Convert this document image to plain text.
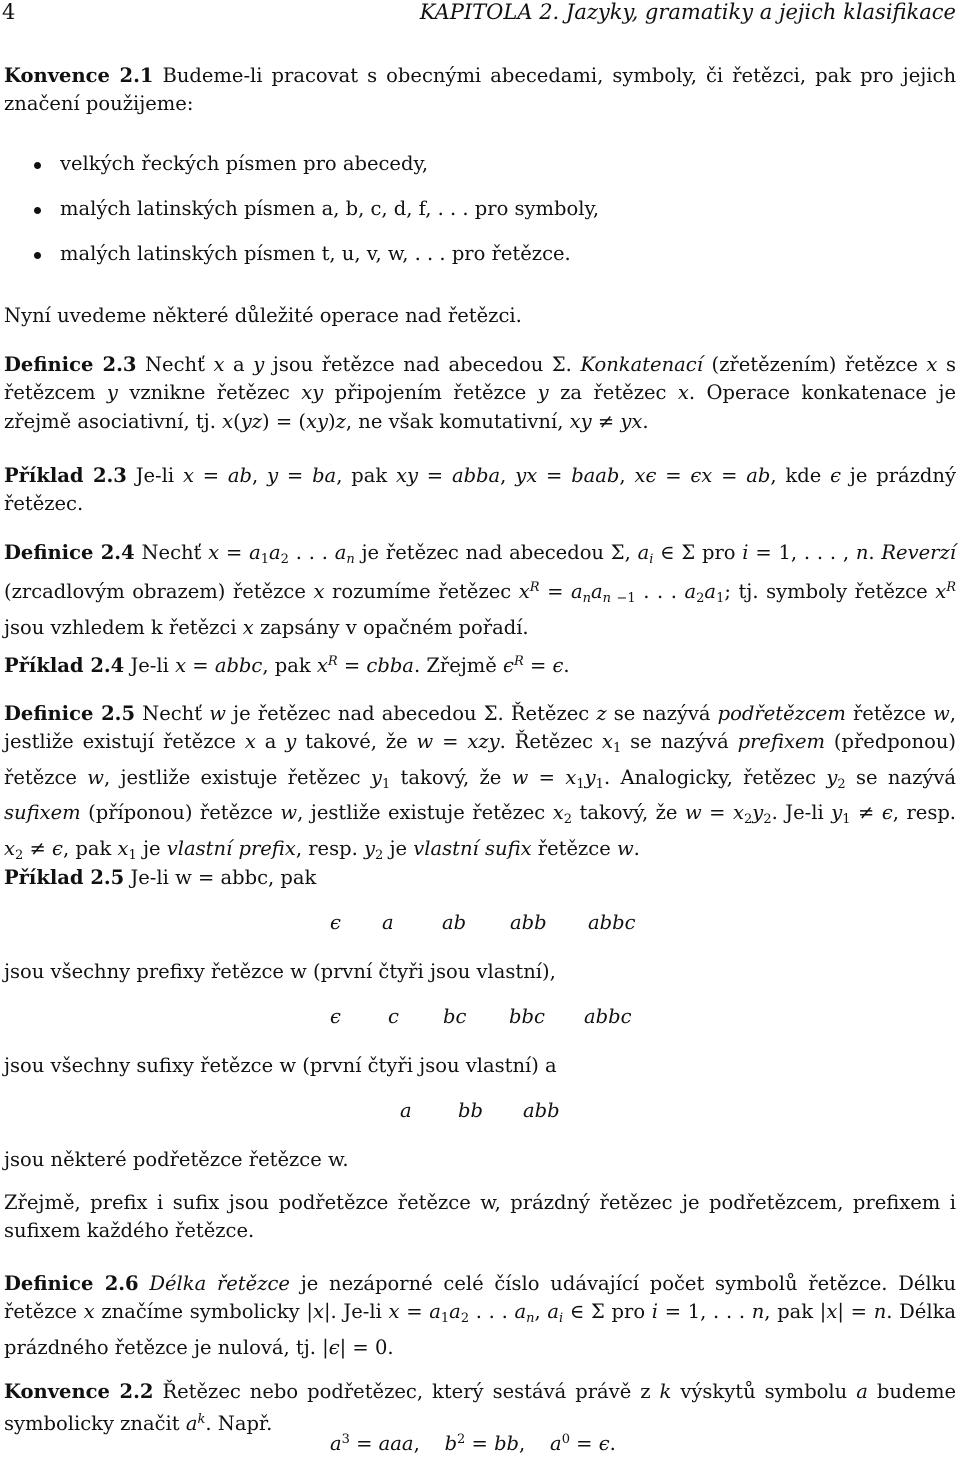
4	KAPITOLA 2. Jazyky, gramatiky a jejich klasifikace
Konvence 2.1 Budeme-li pracovat s obecnými abecedami, symboly, či řetězci, pak pro jejich značení použijeme:
velkých řeckých písmen pro abecedy,
malých latinských písmen a, b, c, d, f, . . . pro symboly,
malých latinských písmen t, u, v, w, . . . pro řetězce.
Nyní uvedeme některé důležité operace nad řetězci.
Definice 2.3 Nechť x a y jsou řetězce nad abecedou Σ. Konkatenací (zřetězením) řetězce x s řetězcem y vznikne řetězec xy připojením řetězce y za řetězec x. Operace konkatenace je zřejmě asociativní, tj. x(yz) = (xy)z, ne však komutativní, xy ≠ yx.
Příklad 2.3 Je-li x = ab, y = ba, pak xy = abba, yx = baab, xϵ = ϵx = ab, kde ϵ je prázdný řetězec.
Definice 2.4 Nechť $x = a_1a_2$ . . . $a_n$ je řetězec nad abecedou Σ, $a_i$ ∈ Σ pro i = 1, . . . , n. Reverzí (zrcadlovým obrazem) řetězce x rozumíme řetězec $x^R = a_na_{n -1}$ . . . $a_2a_1$; tj. symboly řetězce $x^R$ jsou vzhledem k řetězci x zapsány v opačném pořadí.
Příklad 2.4 Je-li x = abbc, pak $x^R$ = cbba. Zřejmě $\epsilon^R = \epsilon$.
Definice 2.5 Nechť w je řetězec nad abecedou Σ. Řetězec z se nazývá podřetězcem řetězce w, jestliže existují řetězce x a y takové, že w = xzy. Řetězec $x_1$ se nazývá prefixem (předponou) řetězce w, jestliže existuje řetězec $y_1$ takový, že $w = x_1y_1$. Analogicky, řetězec $y_2$ se nazývá sufixem (příponou) řetězce w, jestliže existuje řetězec $x_2$ takový, že $w = x_2y_2$. Je-li $y_1 \ne \epsilon$, resp. $x_2 \ne \epsilon$, pak $x_1$ je vlastní prefix, resp. $y_2$ je vlastní sufix řetězce w.
Příklad 2.5 Je-li w = abbc, pak
ϵ a ab abb abbc
jsou všechny prefixy řetězce w (první čtyři jsou vlastní),
ϵ c bc bbc abbc
jsou všechny sufixy řetězce w (první čtyři jsou vlastní) a
a bb abb
jsou některé podřetězce řetězce w.
Zřejmě, prefix i sufix jsou podřetězce řetězce w, prázdný řetězec je podřetězcem, prefixem i sufixem každého řetězce.
Definice 2.6 Délka řetězce je nezáporné celé číslo udávající počet symbolů řetězce. Délku řetězce x značíme symbolicky |x|. Je-li $x = a_1a_2$ . . . $a_n$, $a_i$ ∈ Σ pro i = 1, . . . n, pak |x| = n. Délka prázdného řetězce je nulová, tj. |ϵ| = 0.
Konvence 2.2 Řetězec nebo podřetězec, který sestává právě z k výskytů symbolu a budeme symbolicky značit $a^k$. Např.
$a^3$ = aaa,    $b^2$ = bb,    $a^0 = \epsilon$.
